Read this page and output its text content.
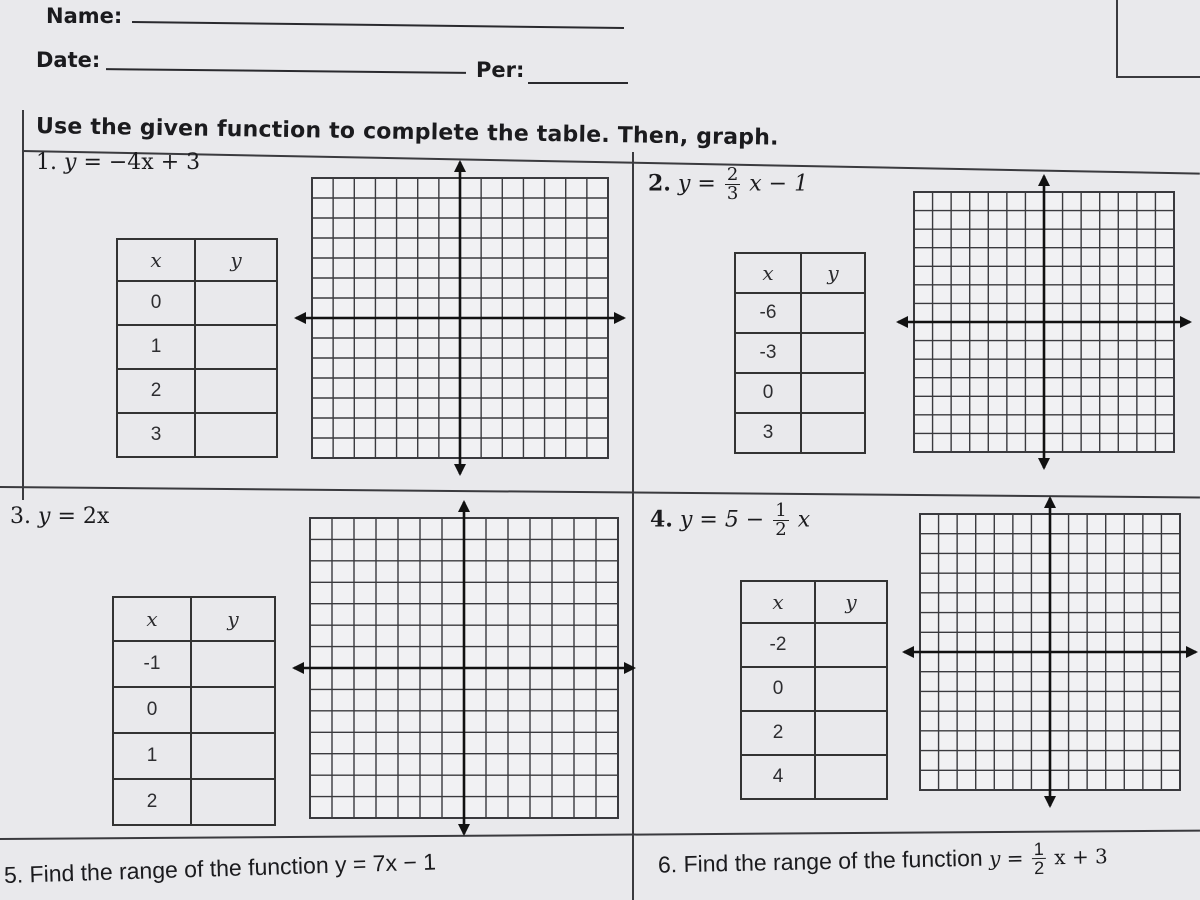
Name:
Date:	Per:
Use the given function to complete the table. Then, graph.
1. y = −4x + 3
x	y
0	
1	
2	
3	
2. $y = \frac{2}{3}$ x − 1
x	y
-6	
-3	
0	
3	
3. y = 2x
x	y
-1	
0	
1	
2	
4. $y = 5 - \frac{1}{2}$ x
x	y
-2	
0	
2	
4	
5. Find the range of the function y = 7x − 1	6. Find the range of the function $y = \frac{1}{2}$ x + 3
